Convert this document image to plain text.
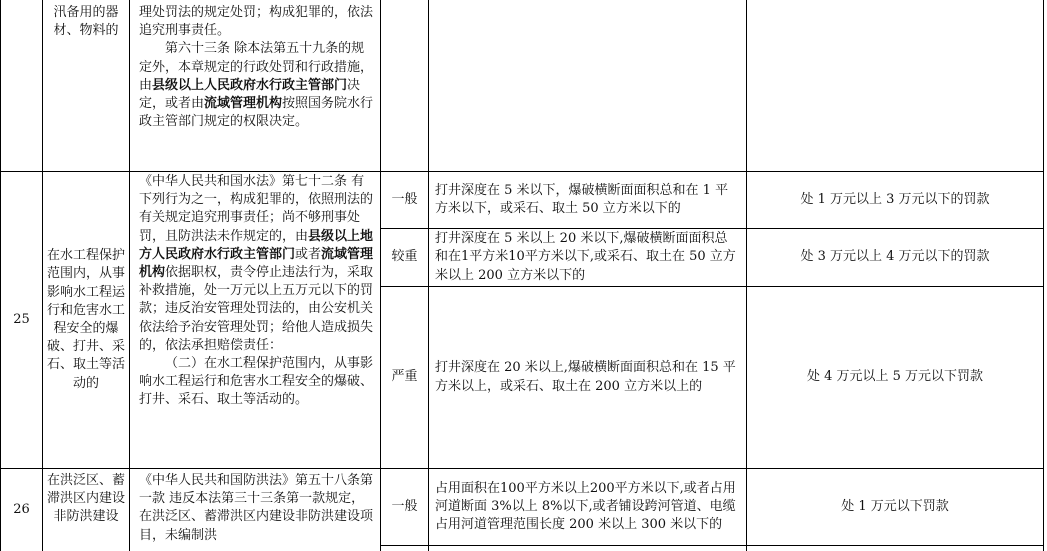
汛备用的器材、物料的

理处罚法的规定处罚；构成犯罪的，依法追究刑事责任。

第六十三条 除本法第五十九条的规定外，本章规定的行政处罚和行政措施，由县级以上人民政府水行政主管部门决定，或者由流域管理机构按照国务院水行政主管部门规定的权限决定。

25
在水工程保护范围内，从事影响水工程运行和危害水工程安全的爆破、打井、采石、取土等活动的

《中华人民共和国水法》第七十二条 有下列行为之一，构成犯罪的，依照刑法的有关规定追究刑事责任；尚不够刑事处罚，且防洪法未作规定的，由县级以上地方人民政府水行政主管部门或者流域管理机构依据职权，责令停止违法行为，采取补救措施，处一万元以上五万元以下的罚款；违反治安管理处罚法的，由公安机关依法给予治安管理处罚；给他人造成损失的，依法承担赔偿责任：

（二）在水工程保护范围内，从事影响水工程运行和危害水工程安全的爆破、打井、采石、取土等活动的。

一般
打井深度在 5 米以下，爆破横断面面积总和在 1 平方米以下，或采石、取土 50 立方米以下的
处 1 万元以上 3 万元以下的罚款
较重
打井深度在 5 米以上 20 米以下,爆破横断面面积总和在1平方米10平方米以下,或采石、取土在 50 立方米以上 200 立方米以下的
处 3 万元以上 4 万元以下的罚款
严重
打井深度在 20 米以上,爆破横断面面积总和在 15 平方米以上，或采石、取土在 200 立方米以上的
处 4 万元以上 5 万元以下罚款
26
在洪泛区、蓄滞洪区内建设非防洪建设

《中华人民共和国防洪法》第五十八条第一款 违反本法第三十三条第一款规定，在洪泛区、蓄滞洪区内建设非防洪建设项目，未编制洪

一般
占用面积在100平方米以上200平方米以下,或者占用河道断面 3%以上 8%以下,或者铺设跨河管道、电缆占用河道管理范围长度 200 米以上 300 米以下的
处 1 万元以下罚款
